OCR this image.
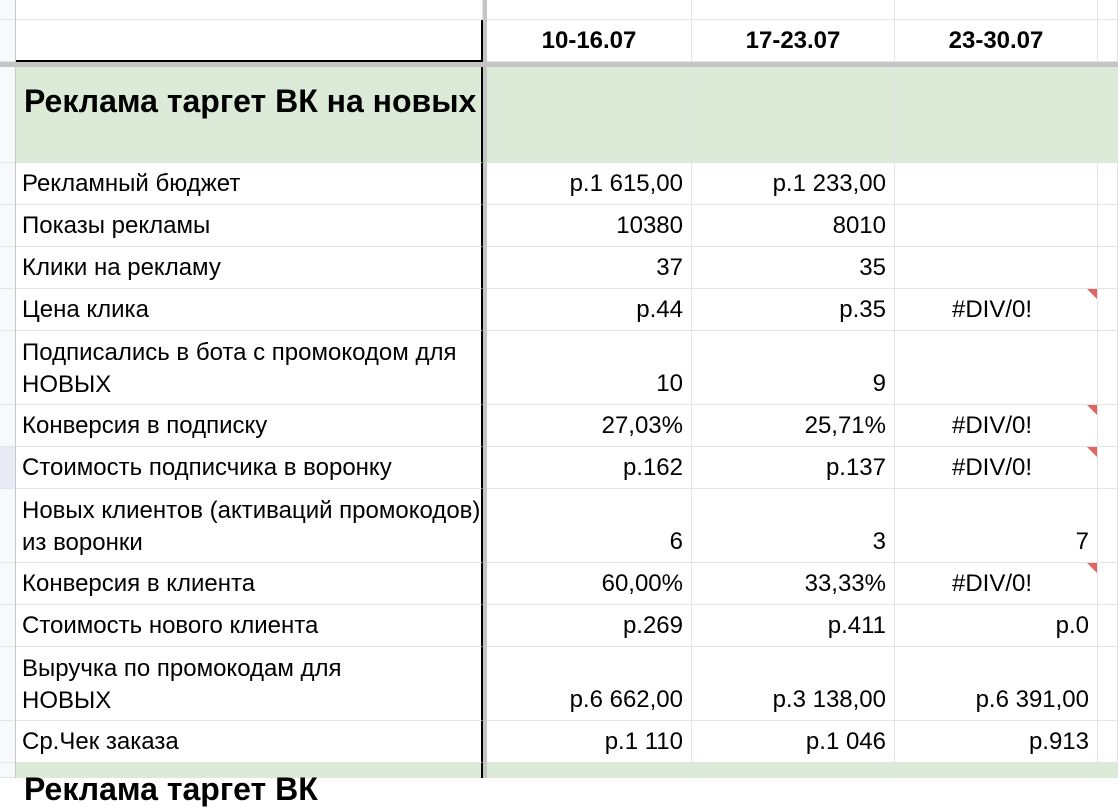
10-16.07	17-23.07	23-30.07
Реклама таргет ВК на новых
Рекламный бюджет	р.1 615,00	р.1 233,00
Показы рекламы	10380	8010
Клики на рекламу	37	35
Цена клика	р.44	р.35	#DIV/0!
Подписались в бота с промокодом для НОВЫХ	10	9
Конверсия в подписку	27,03%	25,71%	#DIV/0!
Стоимость подписчика в воронку	р.162	р.137	#DIV/0!
Новых клиентов (активаций промокодов) из воронки	6	3	7
Конверсия в клиента	60,00%	33,33%	#DIV/0!
Стоимость нового клиента	р.269	р.411	р.0
Выручка по промокодам для НОВЫХ	р.6 662,00	р.3 138,00	р.6 391,00
Ср.Чек заказа	р.1 110	р.1 046	р.913
Реклама таргет ВК
